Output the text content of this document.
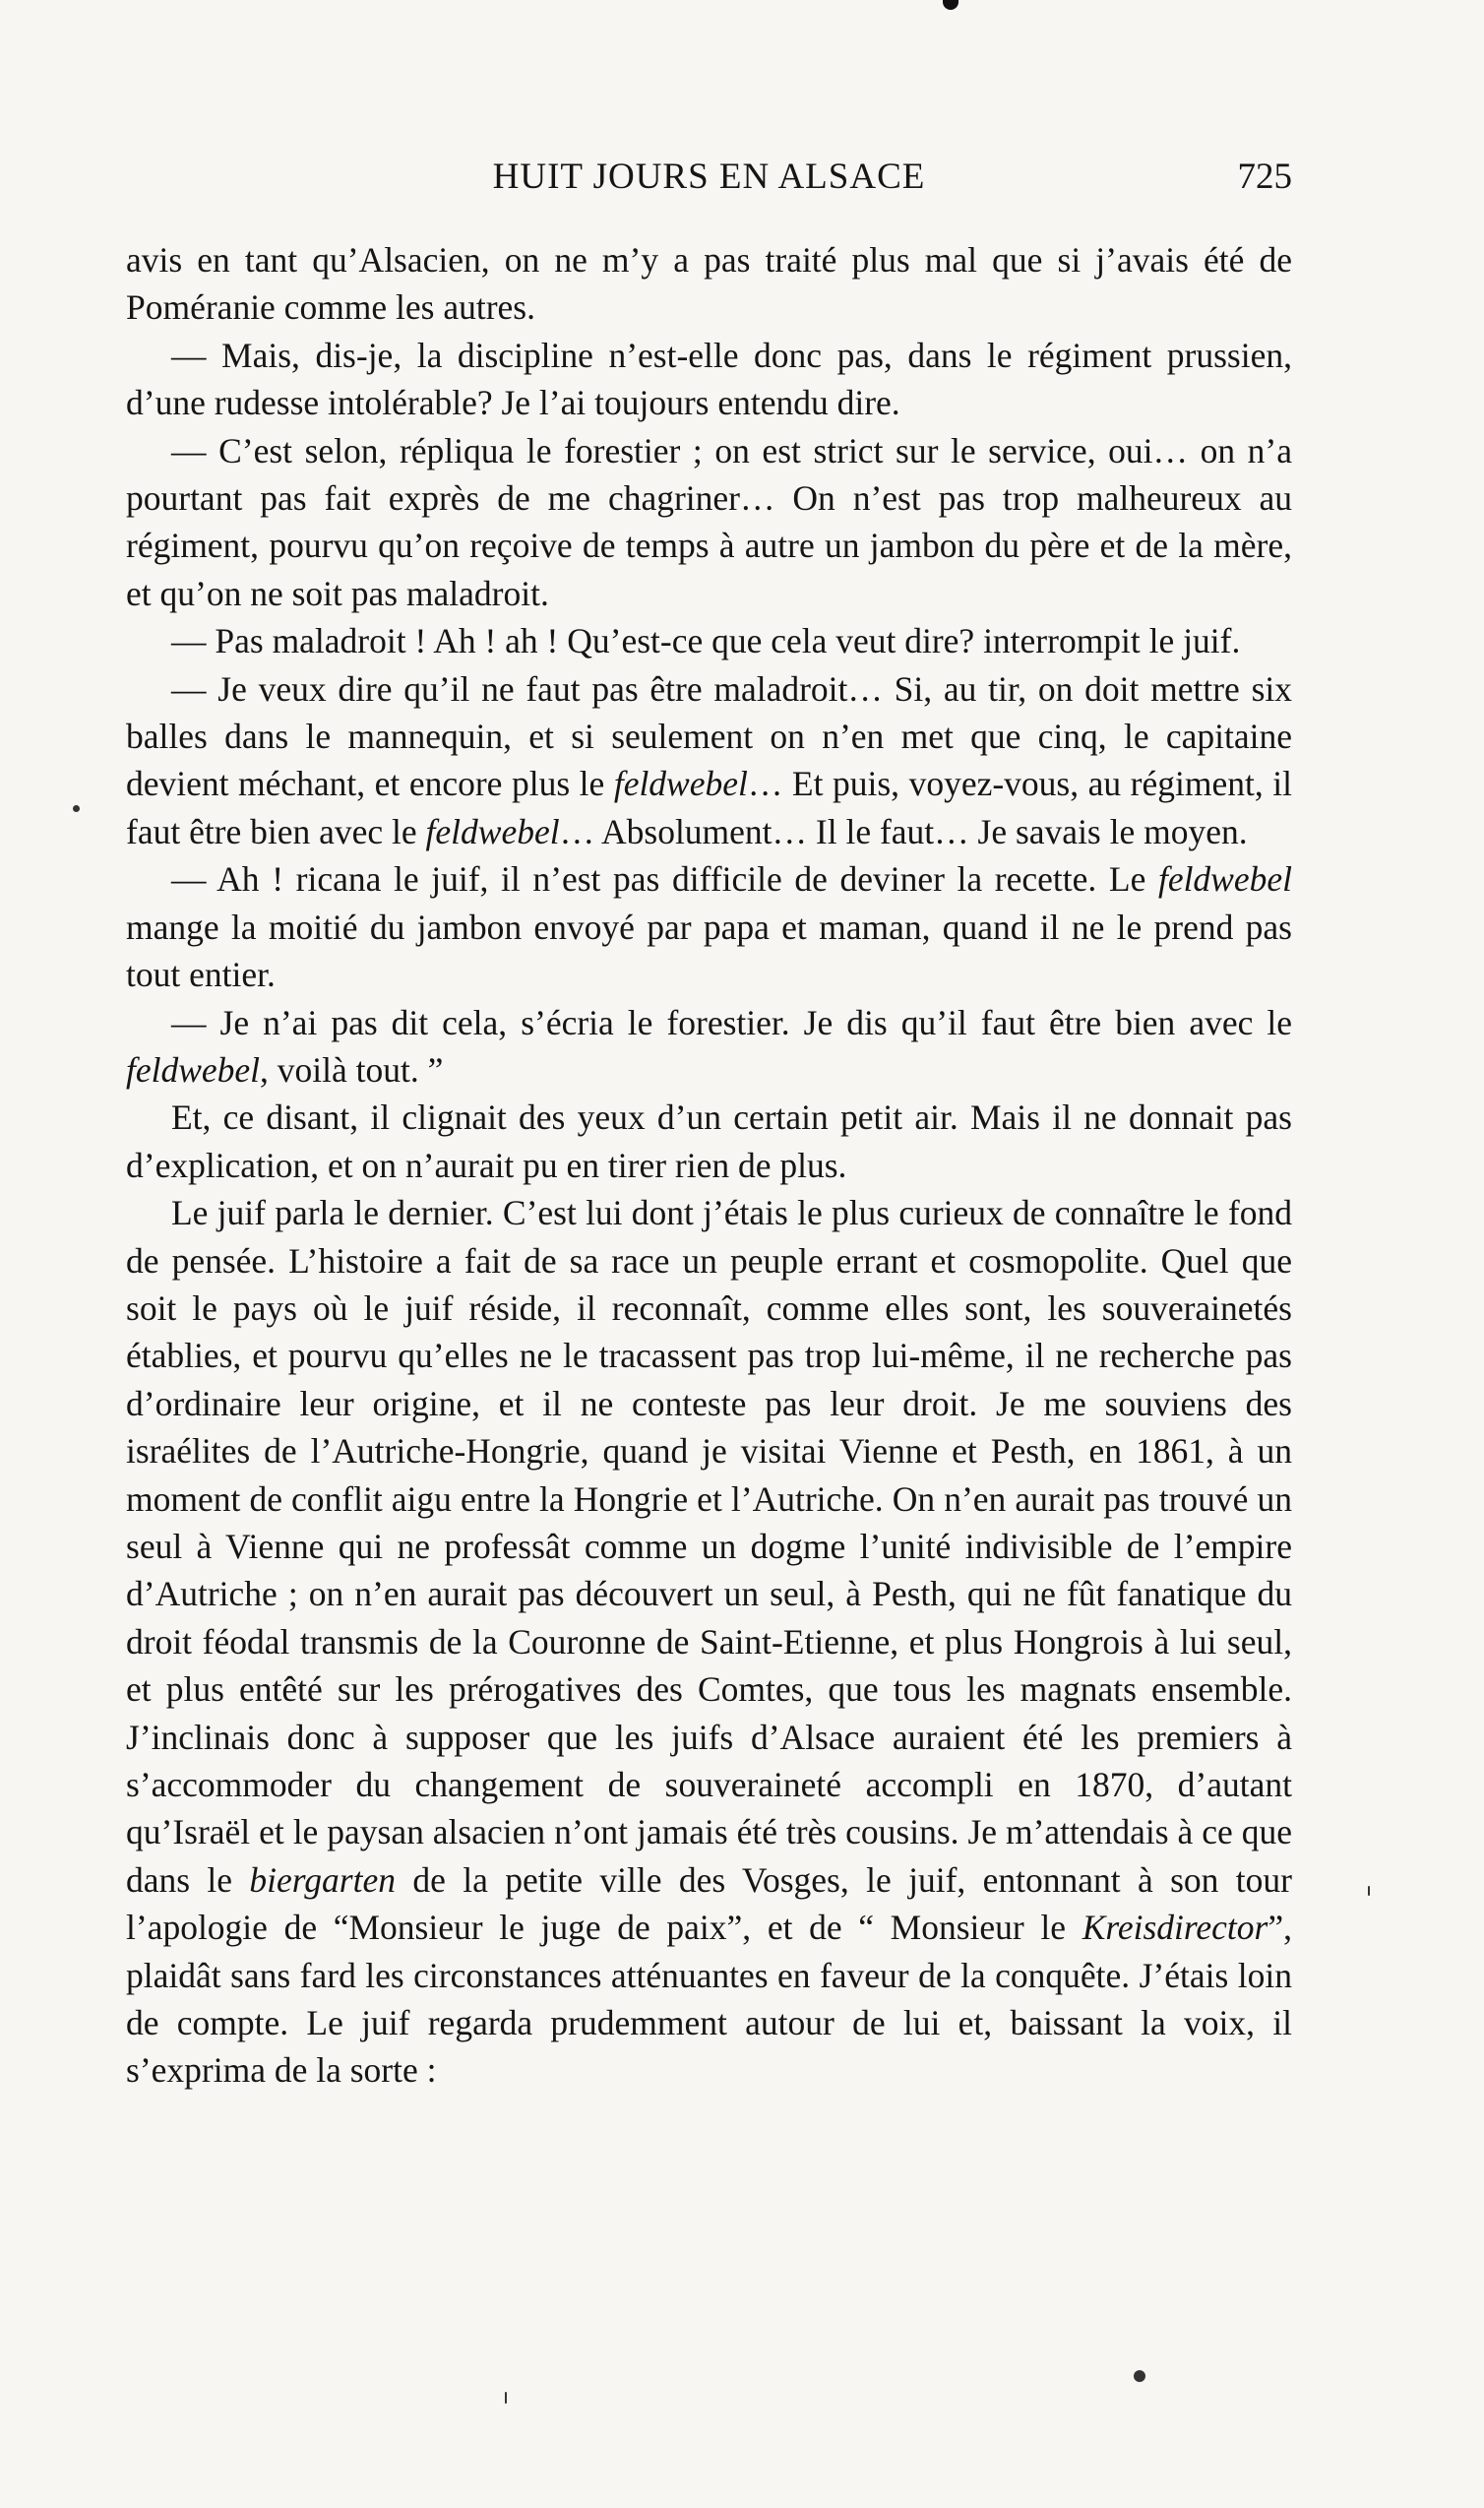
HUIT JOURS EN ALSACE	725

avis en tant qu’Alsacien, on ne m’y a pas traité plus mal que si j’avais été de Poméranie comme les autres.

— Mais, dis-je, la discipline n’est-elle donc pas, dans le régiment prussien, d’une rudesse intolérable? Je l’ai toujours entendu dire.

— C’est selon, répliqua le forestier ; on est strict sur le service, oui… on n’a pourtant pas fait exprès de me chagriner… On n’est pas trop malheureux au régiment, pourvu qu’on reçoive de temps à autre un jambon du père et de la mère, et qu’on ne soit pas maladroit.

— Pas maladroit ! Ah ! ah ! Qu’est-ce que cela veut dire? interrompit le juif.

— Je veux dire qu’il ne faut pas être maladroit… Si, au tir, on doit mettre six balles dans le mannequin, et si seulement on n’en met que cinq, le capitaine devient méchant, et encore plus le feldwebel… Et puis, voyez-vous, au régiment, il faut être bien avec le feldwebel… Absolument… Il le faut… Je savais le moyen.

— Ah ! ricana le juif, il n’est pas difficile de deviner la recette. Le feldwebel mange la moitié du jambon envoyé par papa et maman, quand il ne le prend pas tout entier.

— Je n’ai pas dit cela, s’écria le forestier. Je dis qu’il faut être bien avec le feldwebel, voilà tout. ”

Et, ce disant, il clignait des yeux d’un certain petit air. Mais il ne donnait pas d’explication, et on n’aurait pu en tirer rien de plus.

Le juif parla le dernier. C’est lui dont j’étais le plus curieux de connaître le fond de pensée. L’histoire a fait de sa race un peuple errant et cosmopolite. Quel que soit le pays où le juif réside, il reconnaît, comme elles sont, les souverainetés établies, et pourvu qu’elles ne le tracassent pas trop lui-même, il ne recherche pas d’ordinaire leur origine, et il ne conteste pas leur droit. Je me souviens des israélites de l’Autriche-Hongrie, quand je visitai Vienne et Pesth, en 1861, à un moment de conflit aigu entre la Hongrie et l’Autriche. On n’en aurait pas trouvé un seul à Vienne qui ne professât comme un dogme l’unité indivisible de l’empire d’Autriche ; on n’en aurait pas découvert un seul, à Pesth, qui ne fût fanatique du droit féodal transmis de la Couronne de Saint-Etienne, et plus Hongrois à lui seul, et plus entêté sur les prérogatives des Comtes, que tous les magnats ensemble. J’inclinais donc à supposer que les juifs d’Alsace auraient été les premiers à s’accommoder du changement de souveraineté accompli en 1870, d’autant qu’Israël et le paysan alsacien n’ont jamais été très cousins. Je m’attendais à ce que dans le biergarten de la petite ville des Vosges, le juif, entonnant à son tour l’apologie de “Monsieur le juge de paix”, et de “ Monsieur le Kreisdirector”, plaidât sans fard les circonstances atténuantes en faveur de la conquête. J’étais loin de compte. Le juif regarda prudemment autour de lui et, baissant la voix, il s’exprima de la sorte :
